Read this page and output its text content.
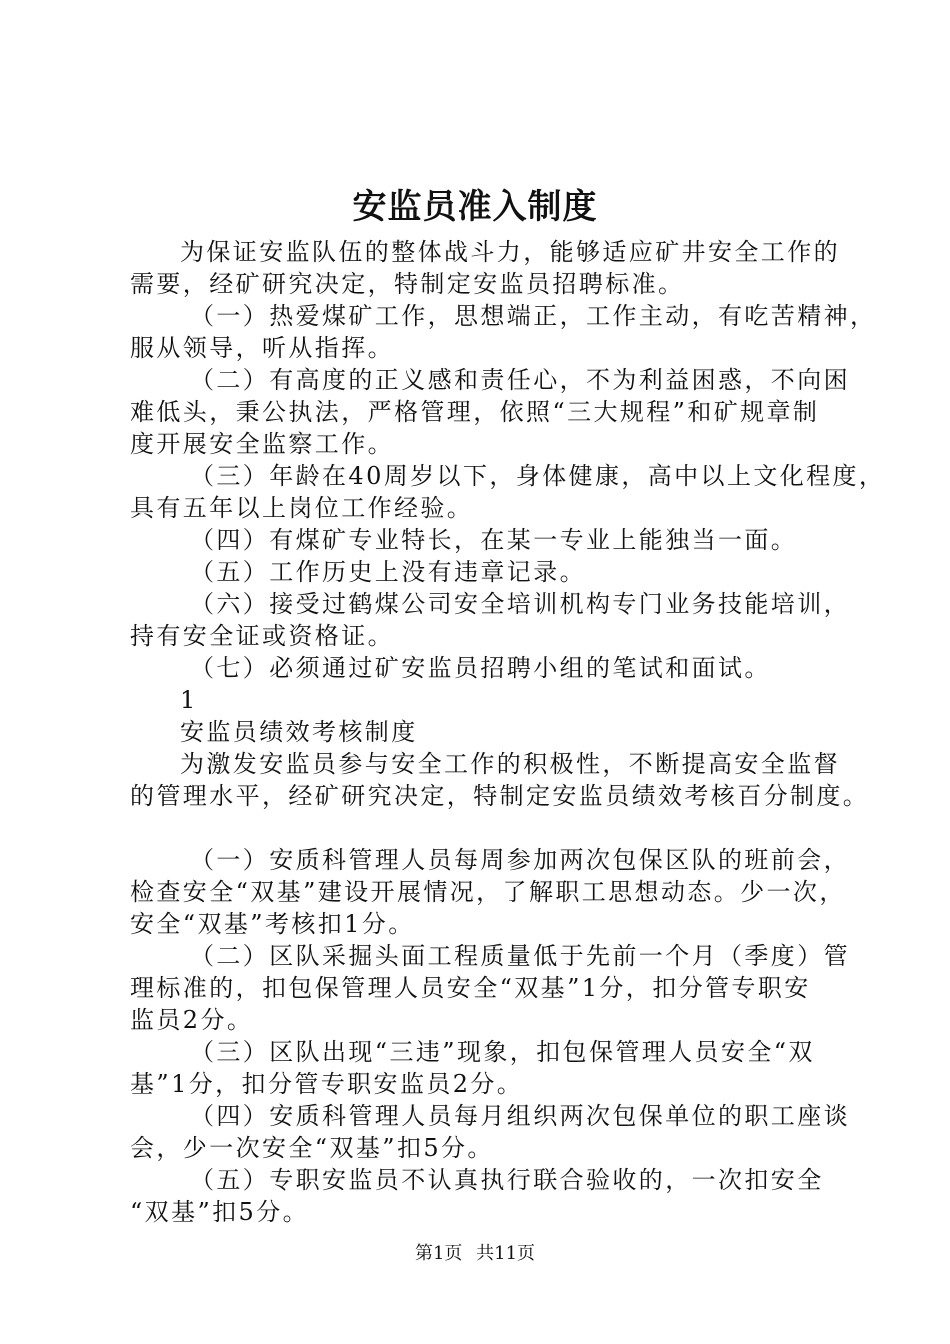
安监员准入制度
为保证安监队伍的整体战斗力，能够适应矿井安全工作的
需要，经矿研究决定，特制定安监员招聘标准。
（一）热爱煤矿工作，思想端正，工作主动，有吃苦精神，
服从领导，听从指挥。
（二）有高度的正义感和责任心，不为利益困惑，不向困
难低头，秉公执法，严格管理，依照“三大规程”和矿规章制
度开展安全监察工作。
（三）年龄在40周岁以下，身体健康，高中以上文化程度，
具有五年以上岗位工作经验。
（四）有煤矿专业特长，在某一专业上能独当一面。
（五）工作历史上没有违章记录。
（六）接受过鹤煤公司安全培训机构专门业务技能培训，
持有安全证或资格证。
（七）必须通过矿安监员招聘小组的笔试和面试。
1
安监员绩效考核制度
为激发安监员参与安全工作的积极性，不断提高安全监督
的管理水平，经矿研究决定，特制定安监员绩效考核百分制度。
（一）安质科管理人员每周参加两次包保区队的班前会，
检查安全“双基”建设开展情况，了解职工思想动态。少一次，
安全“双基”考核扣1分。
（二）区队采掘头面工程质量低于先前一个月（季度）管
理标准的，扣包保管理人员安全“双基”1分，扣分管专职安
监员2分。
（三）区队出现“三违”现象，扣包保管理人员安全“双
基”1分，扣分管专职安监员2分。
（四）安质科管理人员每月组织两次包保单位的职工座谈
会，少一次安全“双基”扣5分。
（五）专职安监员不认真执行联合验收的，一次扣安全
“双基”扣5分。
第1页 共11页
